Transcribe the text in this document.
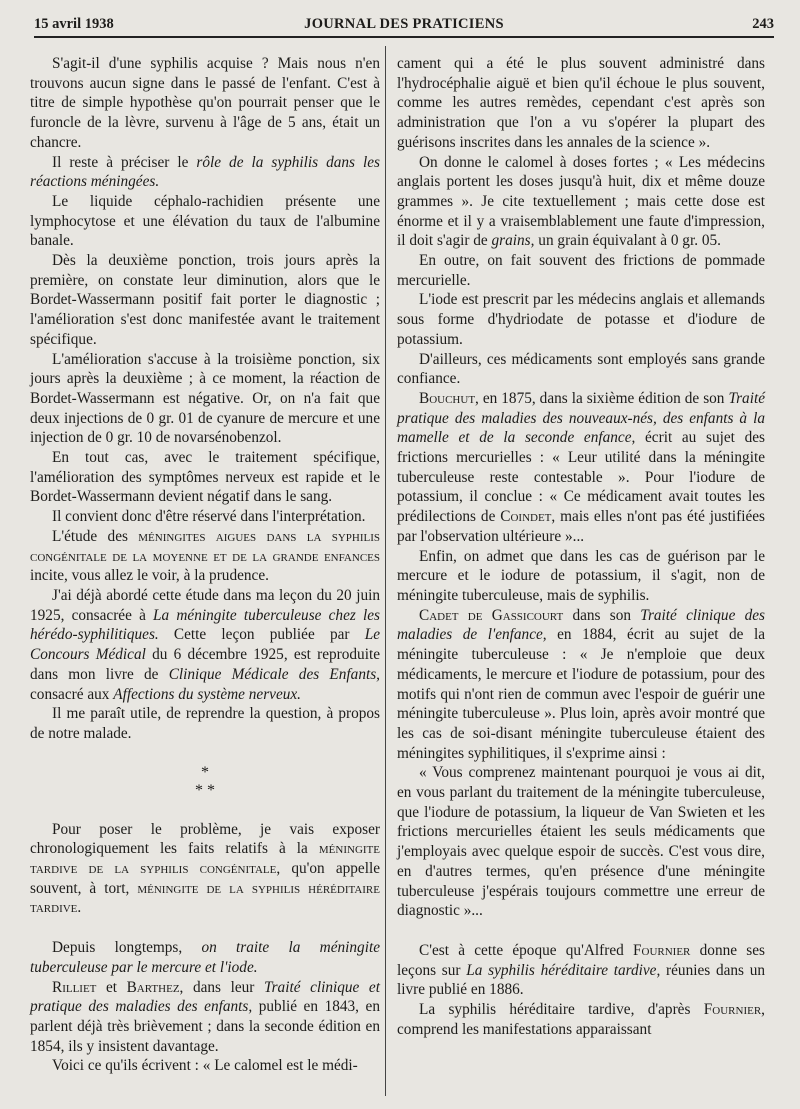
15 avril 1938	JOURNAL DES PRATICIENS	243

S'agit-il d'une syphilis acquise ? Mais nous n'en trouvons aucun signe dans le passé de l'enfant. C'est à titre de simple hypothèse qu'on pourrait penser que le furoncle de la lèvre, survenu à l'âge de 5 ans, était un chancre.

Il reste à préciser le rôle de la syphilis dans les réactions méningées.

Le liquide céphalo-rachidien présente une lymphocytose et une élévation du taux de l'albumine banale.

Dès la deuxième ponction, trois jours après la première, on constate leur diminution, alors que le Bordet-Wassermann positif fait porter le diagnostic ; l'amélioration s'est donc manifestée avant le traitement spécifique.

L'amélioration s'accuse à la troisième ponction, six jours après la deuxième ; à ce moment, la réaction de Bordet-Wassermann est négative. Or, on n'a fait que deux injections de 0 gr. 01 de cyanure de mercure et une injection de 0 gr. 10 de novarsénobenzol.

En tout cas, avec le traitement spécifique, l'amélioration des symptômes nerveux est rapide et le Bordet-Wassermann devient négatif dans le sang.

Il convient donc d'être réservé dans l'interprétation.

L'étude des méningites aigues dans la syphilis congénitale de la moyenne et de la grande enfances incite, vous allez le voir, à la prudence.

J'ai déjà abordé cette étude dans ma leçon du 20 juin 1925, consacrée à La méningite tuberculeuse chez les hérédo-syphilitiques. Cette leçon publiée par Le Concours Médical du 6 décembre 1925, est reproduite dans mon livre de Clinique Médicale des Enfants, consacré aux Affections du système nerveux.

Il me paraît utile, de reprendre la question, à propos de notre malade.

*
* *

Pour poser le problème, je vais exposer chronologiquement les faits relatifs à la méningite tardive de la syphilis congénitale, qu'on appelle souvent, à tort, méningite de la syphilis héréditaire tardive.

Depuis longtemps, on traite la méningite tuberculeuse par le mercure et l'iode.

Rilliet et Barthez, dans leur Traité clinique et pratique des maladies des enfants, publié en 1843, en parlent déjà très brièvement ; dans la seconde édition en 1854, ils y insistent davantage.

Voici ce qu'ils écrivent : « Le calomel est le médi-

cament qui a été le plus souvent administré dans l'hydrocéphalie aiguë et bien qu'il échoue le plus souvent, comme les autres remèdes, cependant c'est après son administration que l'on a vu s'opérer la plupart des guérisons inscrites dans les annales de la science ».

On donne le calomel à doses fortes ; « Les médecins anglais portent les doses jusqu'à huit, dix et même douze grammes ». Je cite textuellement ; mais cette dose est énorme et il y a vraisemblablement une faute d'impression, il doit s'agir de grains, un grain équivalant à 0 gr. 05.

En outre, on fait souvent des frictions de pommade mercurielle.

L'iode est prescrit par les médecins anglais et allemands sous forme d'hydriodate de potasse et d'iodure de potassium.

D'ailleurs, ces médicaments sont employés sans grande confiance.

Bouchut, en 1875, dans la sixième édition de son Traité pratique des maladies des nouveaux-nés, des enfants à la mamelle et de la seconde enfance, écrit au sujet des frictions mercurielles : « Leur utilité dans la méningite tuberculeuse reste contestable ». Pour l'iodure de potassium, il conclue : « Ce médicament avait toutes les prédilections de Coindet, mais elles n'ont pas été justifiées par l'observation ultérieure »...

Enfin, on admet que dans les cas de guérison par le mercure et le iodure de potassium, il s'agit, non de méningite tuberculeuse, mais de syphilis.

Cadet de Gassicourt dans son Traité clinique des maladies de l'enfance, en 1884, écrit au sujet de la méningite tuberculeuse : « Je n'emploie que deux médicaments, le mercure et l'iodure de potassium, pour des motifs qui n'ont rien de commun avec l'espoir de guérir une méningite tuberculeuse ». Plus loin, après avoir montré que les cas de soi-disant méningite tuberculeuse étaient des méningites syphilitiques, il s'exprime ainsi :

« Vous comprenez maintenant pourquoi je vous ai dit, en vous parlant du traitement de la méningite tuberculeuse, que l'iodure de potassium, la liqueur de Van Swieten et les frictions mercurielles étaient les seuls médicaments que j'employais avec quelque espoir de succès. C'est vous dire, en d'autres termes, qu'en présence d'une méningite tuberculeuse j'espérais toujours commettre une erreur de diagnostic »...

C'est à cette époque qu'Alfred Fournier donne ses leçons sur La syphilis héréditaire tardive, réunies dans un livre publié en 1886.

La syphilis héréditaire tardive, d'après Fournier, comprend les manifestations apparaissant
